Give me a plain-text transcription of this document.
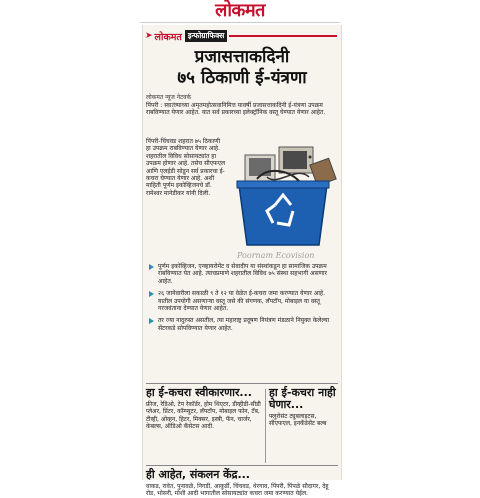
लोकमत
➤ लोकमत इन्फोग्राफिक्स
प्रजासत्ताकदिनी
७५ ठिकाणी ई-यंत्रणा
लोकमत न्यूज नेटवर्क

पिंपरी : स्वातंत्र्याच्या अमृतमहोत्सवानिमित्त यावर्षी प्रजासत्ताकदिनी ई-यंत्रणा उपक्रम राबविण्यात येणार आहेत. यात सर्व प्रकारच्या इलेक्ट्रॉनिक वस्तू घेण्यात येणार आहेत.

पिंपरी-चिंचवड शहरात ७५ ठिकाणी हा उपक्रम राबविण्यात येणार आहे. शहरातील विविध सोसायट्यांत हा उपक्रम होणार आहे. तसेच सीएफएल आणि एलईडी सोडून सर्व प्रकारचा ई-कचरा घेण्यात येणार आहे. अशी माहिती पूर्णम इकोव्हिजनचे डॉ. रामेश्वर मानेडीकर यांनी दिली.

Poornam Ecovision
पूर्णम इकोव्हिजन, एन्व्हायरोमेंट व सेवादीप या संस्थांकडून हा सामाजिक उपक्रम राबविण्यात येत आहे. त्याचप्रमाणे शहरातील विविध ७५ संस्था सहभागी असणार आहेत.
२६ जानेवारीला सकाळी ९ ते १२ या वेळेत ई-कचरा जमा करण्यात येणार आहे. यातील उपयोगी असणाऱ्या वस्तू जसे की संगणक, लॅपटॉप, मोबाइल या वस्तू गरजवंताना देण्यात येणार आहेत.
तर ज्या नादुरुस्त असतील, त्या महाराष्ट्र प्रदूषण नियंत्रण मंडळाने नियुक्त केलेल्या सेंटरकडे सोपविण्यात येणार आहेत.

हा ई-कचरा स्वीकारणार...

फ्रीज, रेडिओ, टेप रेकॉर्डर, होम थिएटर, डीव्हीडी-सीडी प्लेअर, प्रिंटर, कॉम्प्युटर, लॅपटॉप, मोबाइल फोन, टॅब, टीव्ही, ओव्हन, हिटर, मिक्सर, इस्त्री, फॅन, चार्जर, केबल्स, ऑडिओ कॅसेटस आदी.

हा ई-कचरा नाही घेणार...

फ्लुरोसंट ट्युबलाइटस, सीएफएल, इनकँडेसेंट बल्ब

ही आहेत, संकलन केंद्र...

वाकड, रावेत, पुनावळे, निगडी, आकुर्डी, चिंचवड, थेरगाव, पिंपरी, पिंपळे सौदागर, देहू रोड, भोसरी, मोशी आदी भागातील सोसायट्यांत कचरा जमा करण्यात येईल.
